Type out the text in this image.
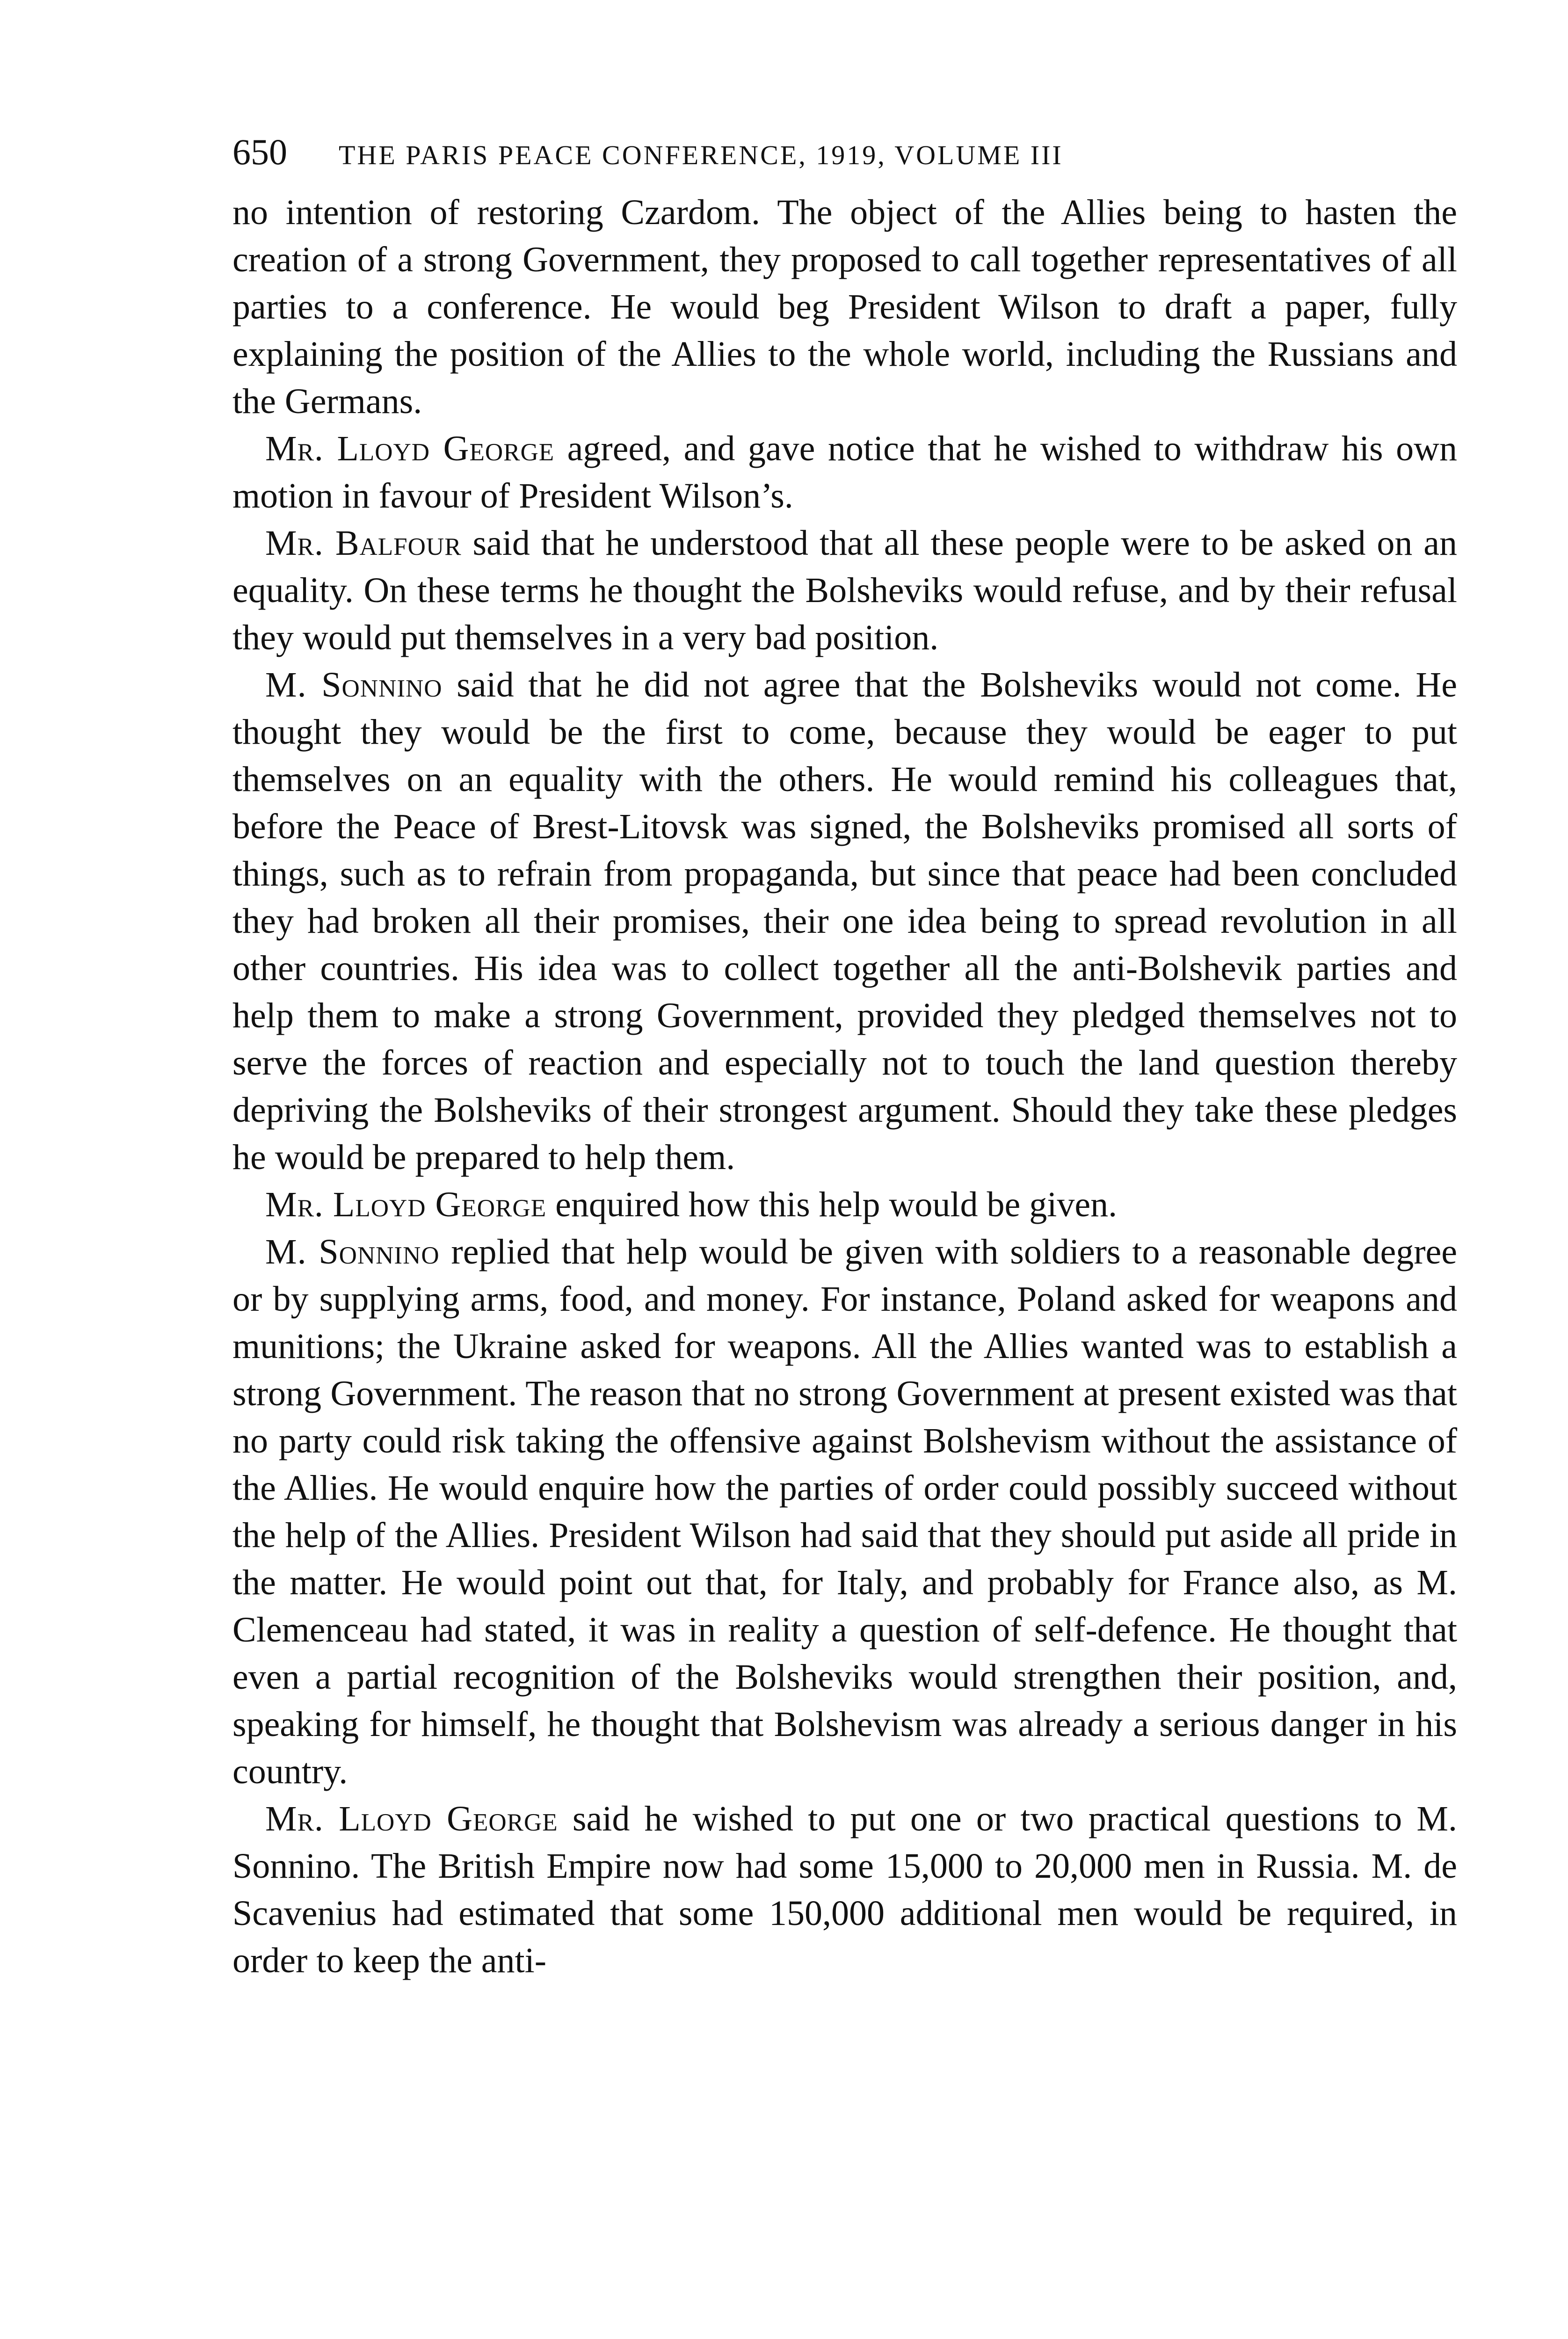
650 THE PARIS PEACE CONFERENCE, 1919, VOLUME III

no intention of restoring Czardom. The object of the Allies being to hasten the creation of a strong Government, they proposed to call together representatives of all parties to a conference. He would beg President Wilson to draft a paper, fully explaining the position of the Allies to the whole world, including the Russians and the Germans.

Mr. Lloyd George agreed, and gave notice that he wished to withdraw his own motion in favour of President Wilson’s.

Mr. Balfour said that he understood that all these people were to be asked on an equality. On these terms he thought the Bolsheviks would refuse, and by their refusal they would put themselves in a very bad position.

M. Sonnino said that he did not agree that the Bolsheviks would not come. He thought they would be the first to come, because they would be eager to put themselves on an equality with the others. He would remind his colleagues that, before the Peace of Brest-Litovsk was signed, the Bolsheviks promised all sorts of things, such as to refrain from propaganda, but since that peace had been concluded they had broken all their promises, their one idea being to spread revolution in all other countries. His idea was to collect together all the anti-Bolshevik parties and help them to make a strong Government, provided they pledged themselves not to serve the forces of reaction and especially not to touch the land question thereby depriving the Bolsheviks of their strongest argument. Should they take these pledges he would be prepared to help them.

Mr. Lloyd George enquired how this help would be given.

M. Sonnino replied that help would be given with soldiers to a reasonable degree or by supplying arms, food, and money. For instance, Poland asked for weapons and munitions; the Ukraine asked for weapons. All the Allies wanted was to establish a strong Government. The reason that no strong Government at present existed was that no party could risk taking the offensive against Bolshevism without the assistance of the Allies. He would enquire how the parties of order could possibly succeed without the help of the Allies. President Wilson had said that they should put aside all pride in the matter. He would point out that, for Italy, and probably for France also, as M. Clemenceau had stated, it was in reality a question of self-defence. He thought that even a partial recognition of the Bolsheviks would strengthen their position, and, speaking for himself, he thought that Bolshevism was already a serious danger in his country.

Mr. Lloyd George said he wished to put one or two practical questions to M. Sonnino. The British Empire now had some 15,000 to 20,000 men in Russia. M. de Scavenius had estimated that some 150,000 additional men would be required, in order to keep the anti-
